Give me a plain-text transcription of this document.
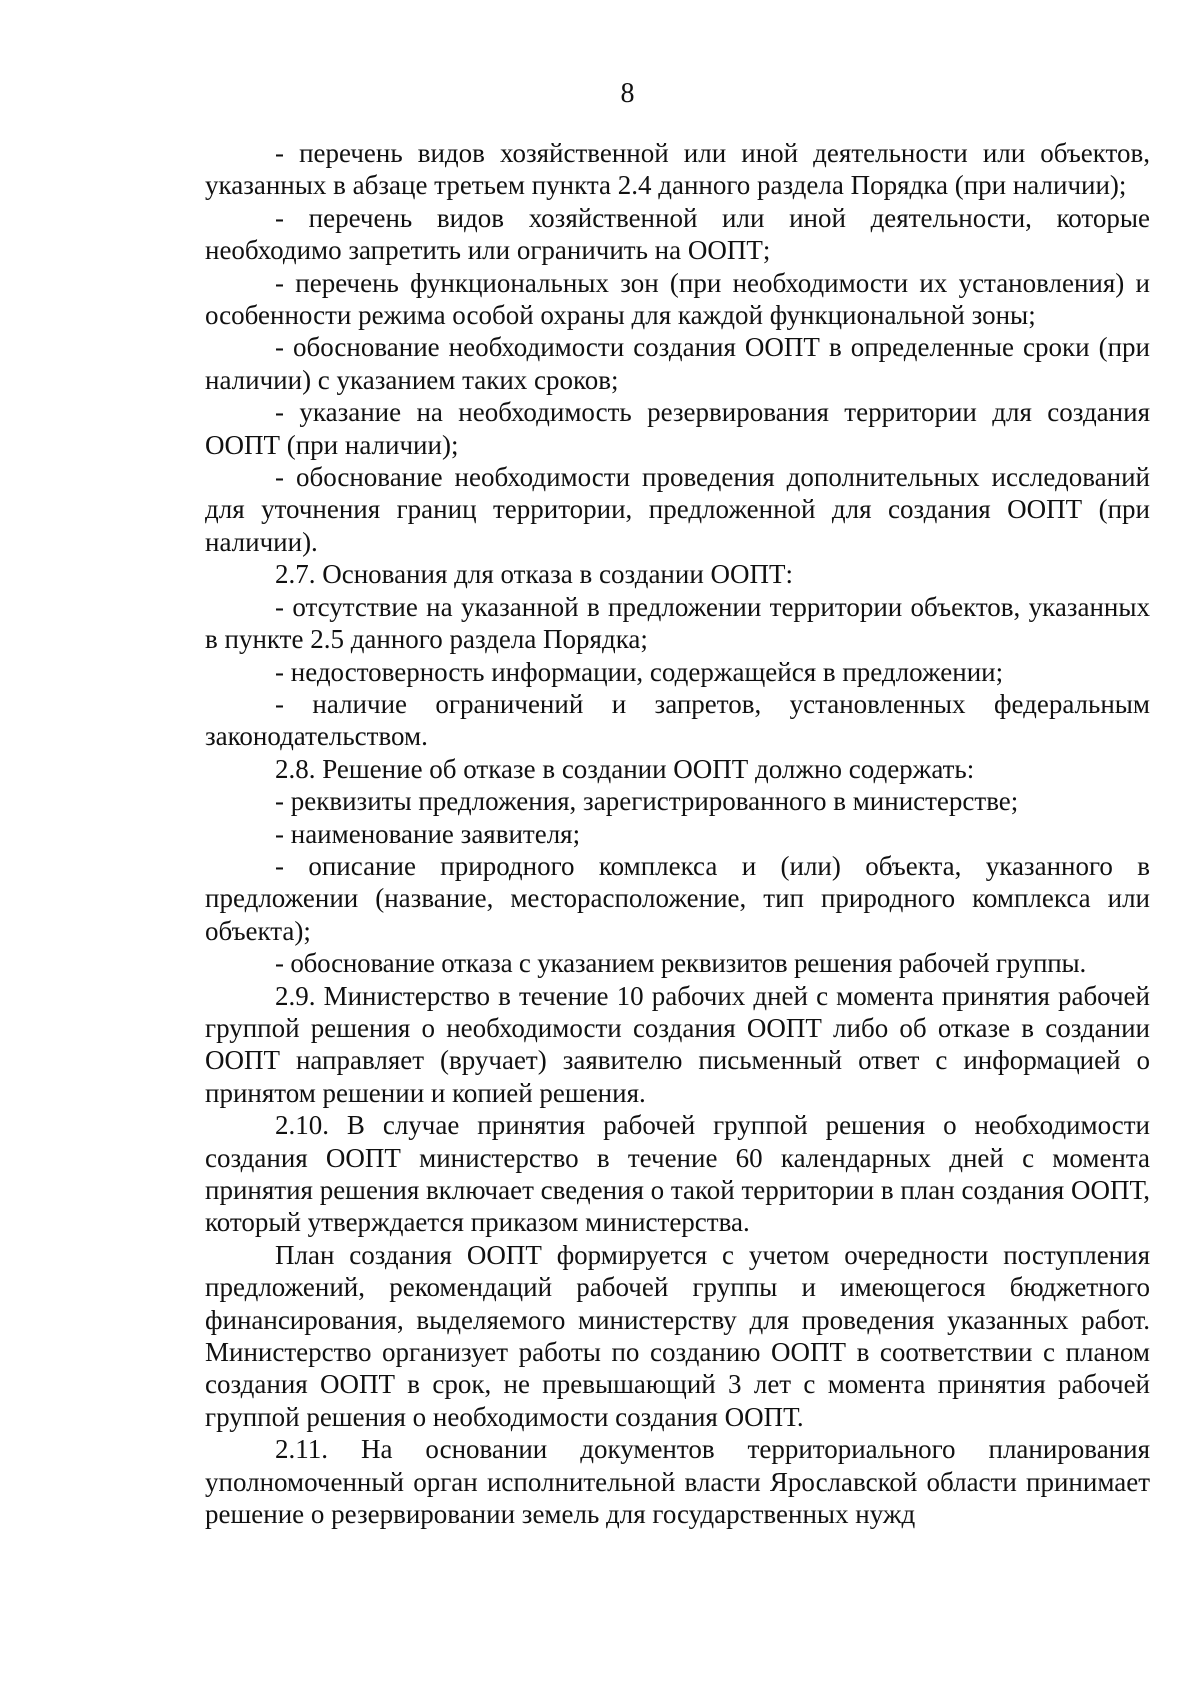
8

- перечень видов хозяйственной или иной деятельности или объектов, указанных в абзаце третьем пункта 2.4 данного раздела Порядка (при наличии);

- перечень видов хозяйственной или иной деятельности, которые необходимо запретить или ограничить на ООПТ;

- перечень функциональных зон (при необходимости их установления) и особенности режима особой охраны для каждой функциональной зоны;

- обоснование необходимости создания ООПТ в определенные сроки (при наличии) с указанием таких сроков;

- указание на необходимость резервирования территории для создания ООПТ (при наличии);

- обоснование необходимости проведения дополнительных исследований для уточнения границ территории, предложенной для создания ООПТ (при наличии).

2.7. Основания для отказа в создании ООПТ:

- отсутствие на указанной в предложении территории объектов, указанных в пункте 2.5 данного раздела Порядка;

- недостоверность информации, содержащейся в предложении;

- наличие ограничений и запретов, установленных федеральным законодательством.

2.8. Решение об отказе в создании ООПТ должно содержать:

- реквизиты предложения, зарегистрированного в министерстве;

- наименование заявителя;

- описание природного комплекса и (или) объекта, указанного в предложении (название, месторасположение, тип природного комплекса или объекта);

- обоснование отказа с указанием реквизитов решения рабочей группы.

2.9. Министерство в течение 10 рабочих дней с момента принятия рабочей группой решения о необходимости создания ООПТ либо об отказе в создании ООПТ направляет (вручает) заявителю письменный ответ с информацией о принятом решении и копией решения.

2.10. В случае принятия рабочей группой решения о необходимости создания ООПТ министерство в течение 60 календарных дней с момента принятия решения включает сведения о такой территории в план создания ООПТ, который утверждается приказом министерства.

План создания ООПТ формируется с учетом очередности поступления предложений, рекомендаций рабочей группы и имеющегося бюджетного финансирования, выделяемого министерству для проведения указанных работ. Министерство организует работы по созданию ООПТ в соответствии с планом создания ООПТ в срок, не превышающий 3 лет с момента принятия рабочей группой решения о необходимости создания ООПТ.

2.11. На основании документов территориального планирования уполномоченный орган исполнительной власти Ярославской области принимает решение о резервировании земель для государственных нужд
